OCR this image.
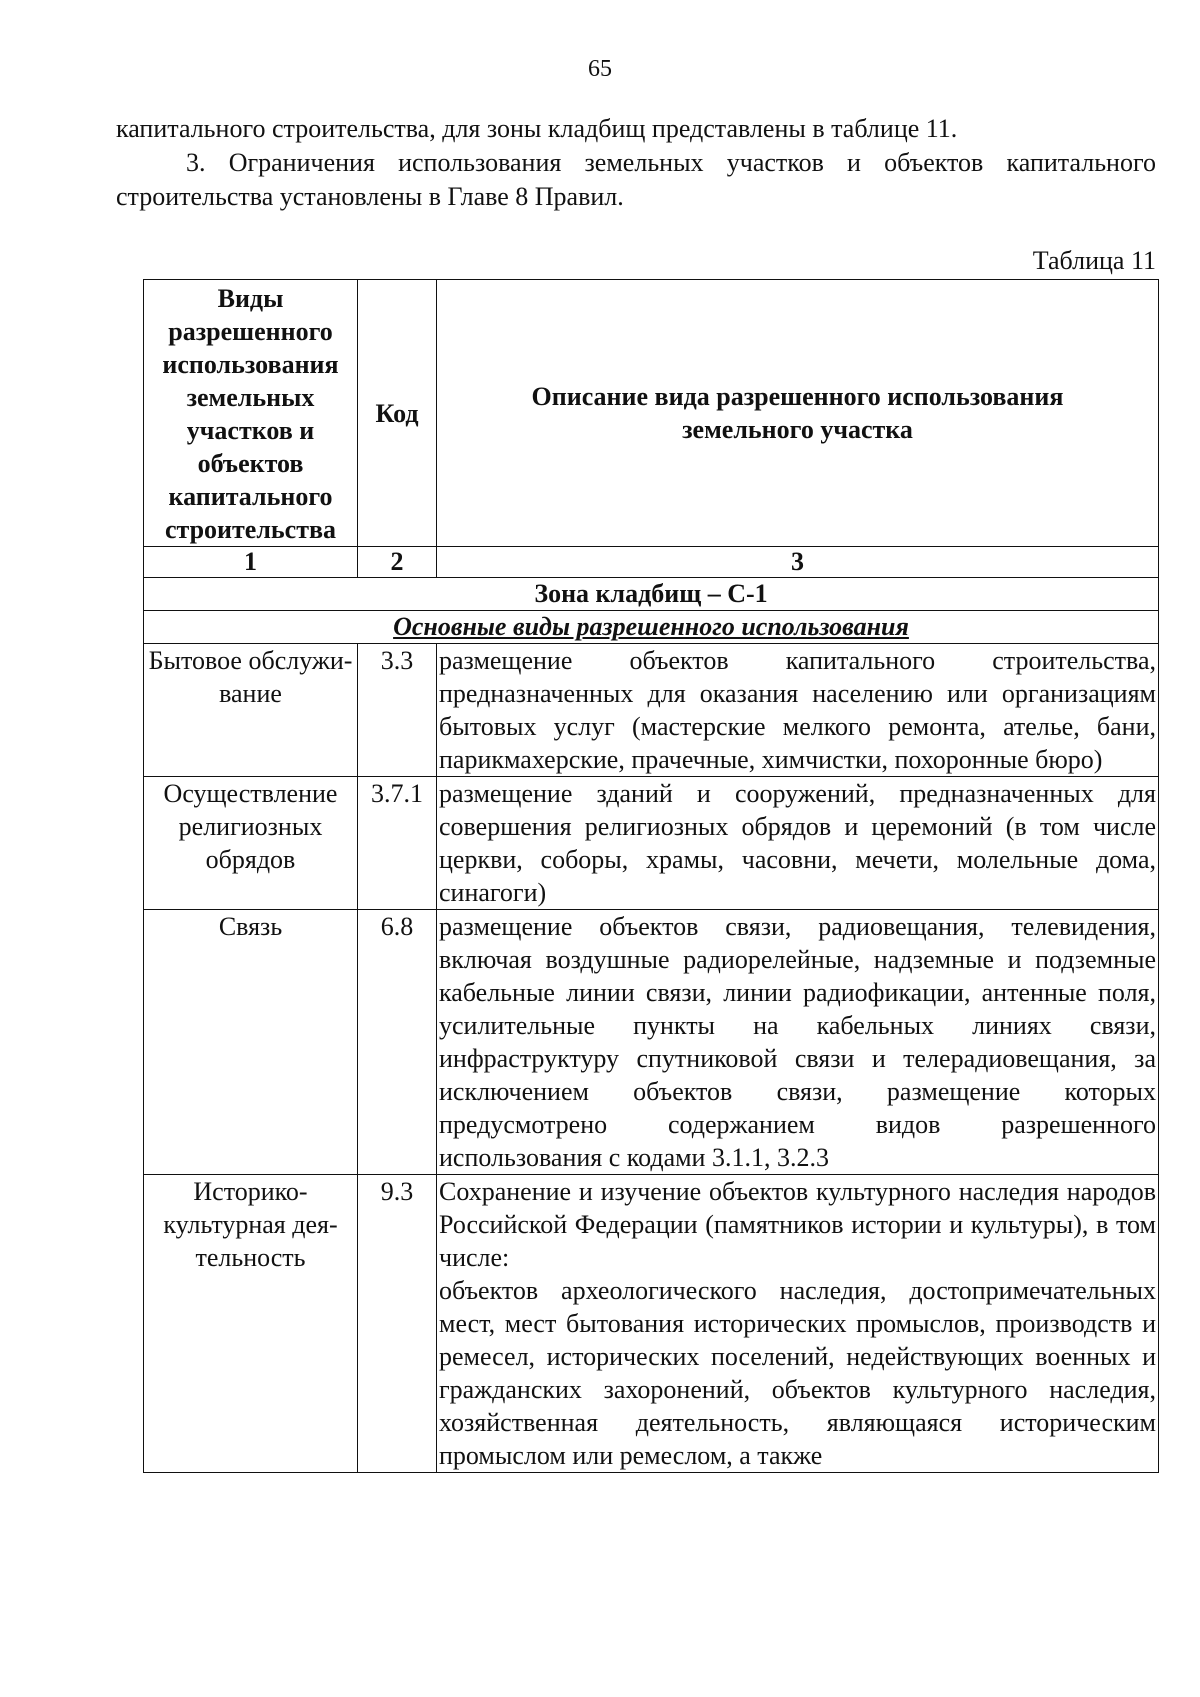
65

капитального строительства, для зоны кладбищ представлены в таблице 11.

3. Ограничения использования земельных участков и объектов капитального строительства установлены в Главе 8 Правил.

Таблица 11
Виды разрешенного использования земельных участков и объектов капитального строительства	Код	Описание вида разрешенного использования земельного участка
1	2	3
Зона кладбищ – С-1		
Основные виды разрешенного использования		
Бытовое обслужи-вание	3.3	размещение объектов капитального строительства, предназначенных для оказания населению или организациям бытовых услуг (мастерские мелкого ремонта, ателье, бани, парикмахерские, прачечные, химчистки, похоронные бюро)
Осуществление религиозных обрядов	3.7.1	размещение зданий и сооружений, предназначенных для совершения религиозных обрядов и церемоний (в том числе церкви, соборы, храмы, часовни, мечети, молельные дома, синагоги)
Связь	6.8	размещение объектов связи, радиовещания, телевидения, включая воздушные радиорелейные, надземные и подземные кабельные линии связи, линии радиофикации, антенные поля, усилительные пункты на кабельных линиях связи, инфраструктуру спутниковой связи и телерадиовещания, за исключением объектов связи, размещение которых предусмотрено содержанием видов разрешенного использования с кодами 3.1.1, 3.2.3
Историко-культурная дея-тельность	9.3	Сохранение и изучение объектов культурного наследия народов Российской Федерации (памятников истории и культуры), в том числе:
объектов археологического наследия, достопримечательных мест, мест бытования исторических промыслов, производств и ремесел, исторических поселений, недействующих военных и гражданских захоронений, объектов культурного наследия, хозяйственная деятельность, являющаяся историческим промыслом или ремеслом, а также
